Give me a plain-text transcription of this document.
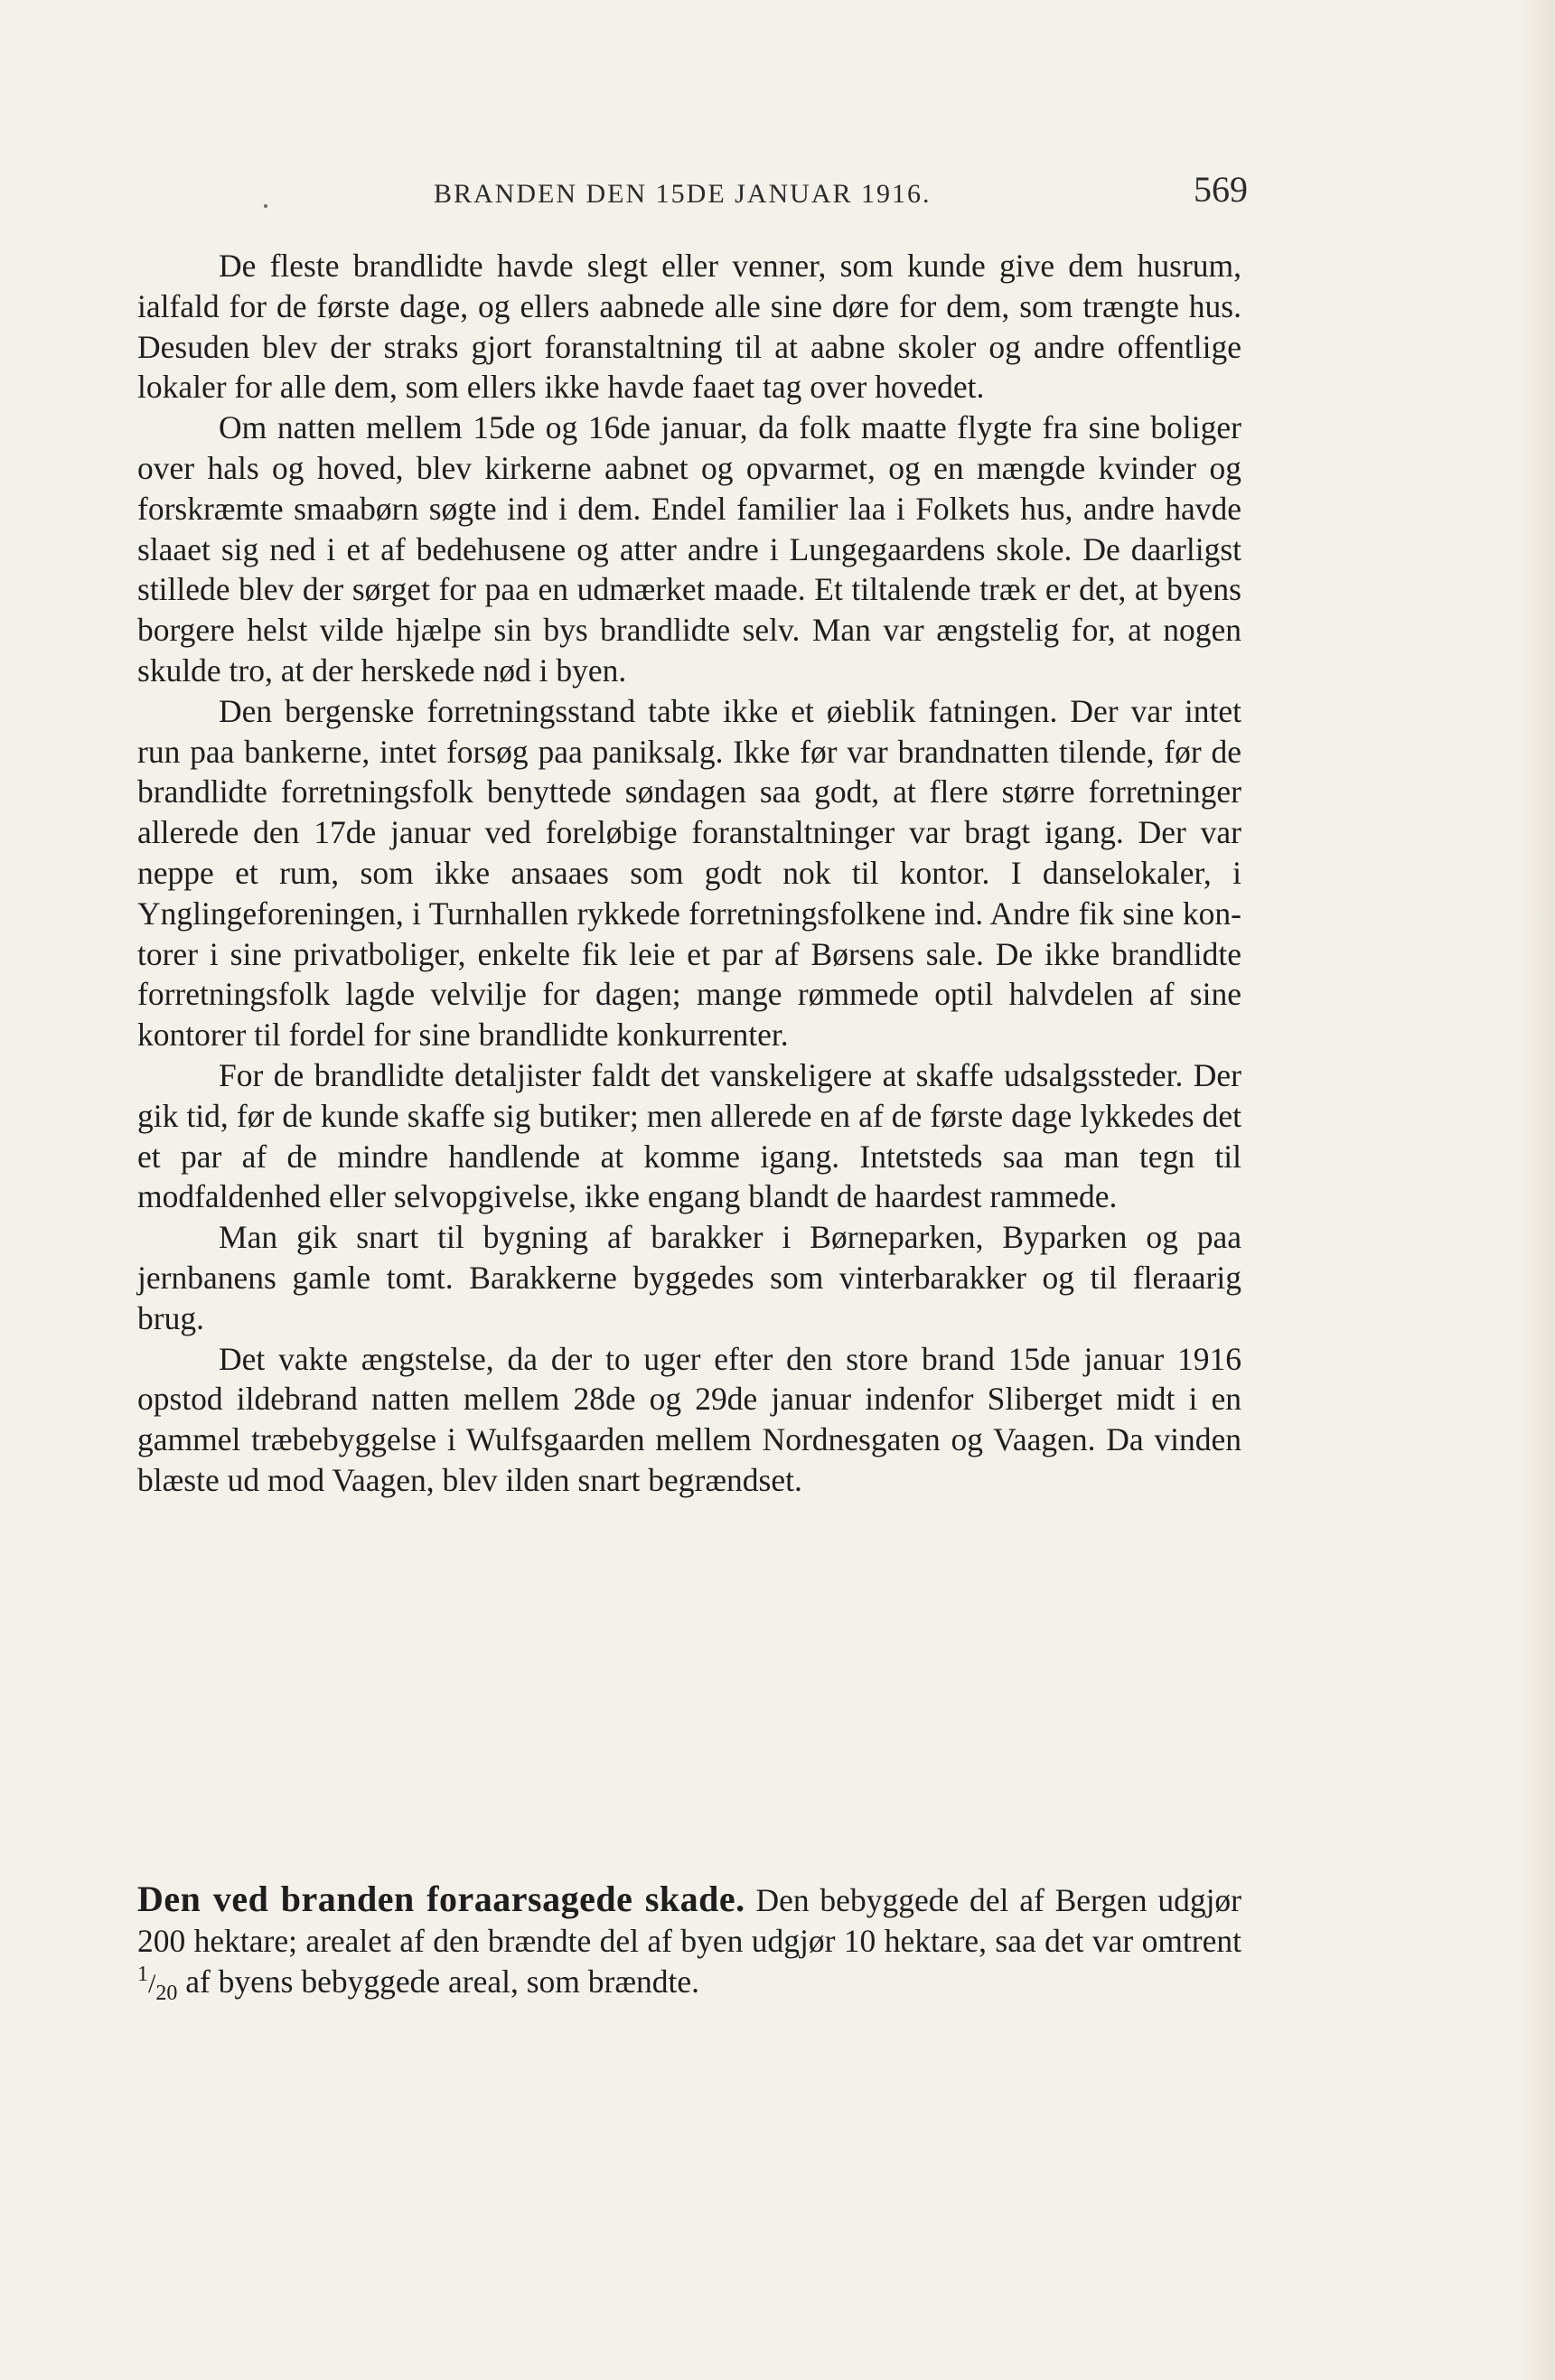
BRANDEN DEN 15DE JANUAR 1916.	569

De fleste brandlidte havde slegt eller venner, som kunde give dem husrum, ialfald for de første dage, og ellers aabnede alle sine døre for dem, som trængte hus. Desuden blev der straks gjort foranstaltning til at aabne skoler og andre offentlige lokaler for alle dem, som ellers ikke havde faaet tag over hovedet.

Om natten mellem 15de og 16de januar, da folk maatte flygte fra sine boliger over hals og hoved, blev kirkerne aabnet og opvarmet, og en mængde kvinder og forskræmte smaabørn søgte ind i dem. Endel familier laa i Folkets hus, andre havde slaaet sig ned i et af bedehusene og atter andre i Lungegaardens skole. De daarligst stillede blev der sørget for paa en udmærket maade. Et tiltalende træk er det, at byens borgere helst vilde hjælpe sin bys brandlidte selv. Man var ængstelig for, at nogen skulde tro, at der herskede nød i byen.

Den bergenske forretningsstand tabte ikke et øieblik fatningen. Der var intet run paa bankerne, intet forsøg paa paniksalg. Ikke før var brandnatten tilende, før de brandlidte forretningsfolk benyttede søndagen saa godt, at flere større forretninger allerede den 17de januar ved foreløbige foranstaltninger var bragt igang. Der var neppe et rum, som ikke ansaaes som godt nok til kontor. I danselokaler, i Ynglingeforeningen, i Turnhallen rykkede forretningsfolkene ind. Andre fik sine kontorer i sine privatboliger, enkelte fik leie et par af Børsens sale. De ikke brandlidte forretningsfolk lagde velvilje for dagen; mange rømmede optil halvdelen af sine kontorer til fordel for sine brandlidte konkurrenter.

For de brandlidte detaljister faldt det vanskeligere at skaffe udsalgssteder. Der gik tid, før de kunde skaffe sig butiker; men allerede en af de første dage lykkedes det et par af de mindre handlende at komme igang. Intetsteds saa man tegn til modfaldenhed eller selvopgivelse, ikke engang blandt de haardest rammede.

Man gik snart til bygning af barakker i Børneparken, Byparken og paa jernbanens gamle tomt. Barakkerne byggedes som vinterbarakker og til fleraarig brug.

Det vakte ængstelse, da der to uger efter den store brand 15de januar 1916 opstod ildebrand natten mellem 28de og 29de januar indenfor Sliberget midt i en gammel træbebyggelse i Wulfsgaarden mellem Nordnesgaten og Vaagen. Da vinden blæste ud mod Vaagen, blev ilden snart begrændset.

Den ved branden foraarsagede skade. Den bebyggede del af Bergen udgjør 200 hektare; arealet af den brændte del af byen udgjør 10 hektare, saa det var omtrent $^1/_{20}$ af byens bebyggede areal, som brændte.
